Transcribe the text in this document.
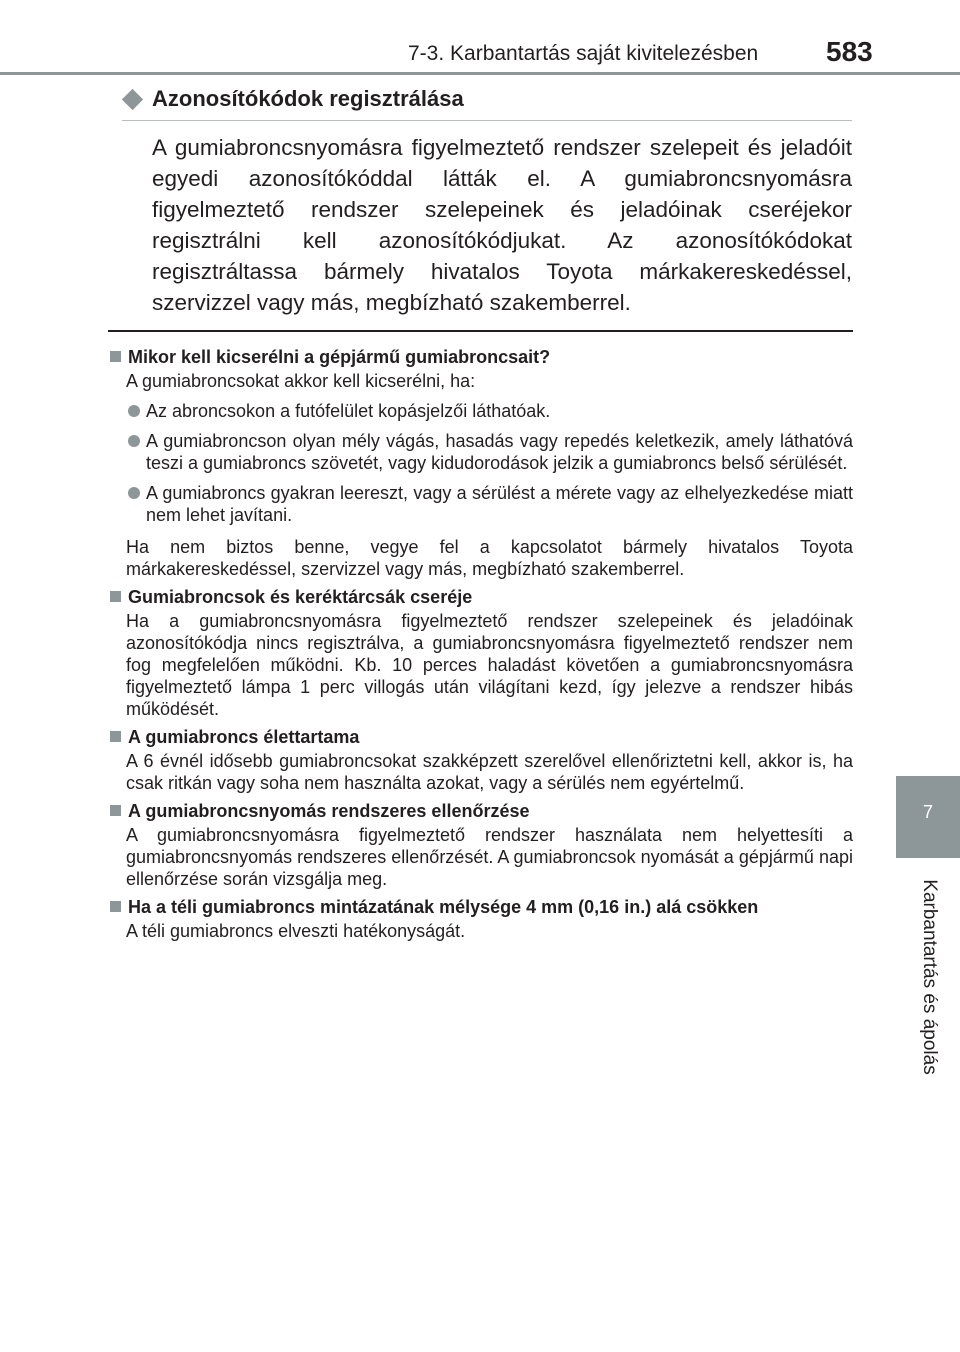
7-3. Karbantartás saját kivitelezésben 583
7
Karbantartás és ápolás
Azonosítókódok regisztrálása
A gumiabroncsnyomásra figyelmeztető rendszer szelepeit és jeladóit egyedi azonosítókóddal látták el. A gumiabroncsnyomásra figyelmeztető rendszer szelepeinek és jeladóinak cseréjekor regisztrálni kell azonosítókódjukat. Az azonosítókódokat regisztráltassa bármely hivatalos Toyota márkakereskedéssel, szervizzel vagy más, megbízható szakemberrel.
Mikor kell kicserélni a gépjármű gumiabroncsait?
A gumiabroncsokat akkor kell kicserélni, ha:
Az abroncsokon a futófelület kopásjelzői láthatóak.
A gumiabroncson olyan mély vágás, hasadás vagy repedés keletkezik, amely láthatóvá teszi a gumiabroncs szövetét, vagy kidudorodások jelzik a gumiabroncs belső sérülését.
A gumiabroncs gyakran leereszt, vagy a sérülést a mérete vagy az elhelyezkedése miatt nem lehet javítani.
Ha nem biztos benne, vegye fel a kapcsolatot bármely hivatalos Toyota márkakereskedéssel, szervizzel vagy más, megbízható szakemberrel.
Gumiabroncsok és keréktárcsák cseréje
Ha a gumiabroncsnyomásra figyelmeztető rendszer szelepeinek és jeladóinak azonosítókódja nincs regisztrálva, a gumiabroncsnyomásra figyelmeztető rendszer nem fog megfelelően működni. Kb. 10 perces haladást követően a gumiabroncsnyomásra figyelmeztető lámpa 1 perc villogás után világítani kezd, így jelezve a rendszer hibás működését.
A gumiabroncs élettartama
A 6 évnél idősebb gumiabroncsokat szakképzett szerelővel ellenőriztetni kell, akkor is, ha csak ritkán vagy soha nem használta azokat, vagy a sérülés nem egyértelmű.
A gumiabroncsnyomás rendszeres ellenőrzése
A gumiabroncsnyomásra figyelmeztető rendszer használata nem helyettesíti a gumiabroncsnyomás rendszeres ellenőrzését. A gumiabroncsok nyomását a gépjármű napi ellenőrzése során vizsgálja meg.
Ha a téli gumiabroncs mintázatának mélysége 4 mm (0,16 in.) alá csökken
A téli gumiabroncs elveszti hatékonyságát.
